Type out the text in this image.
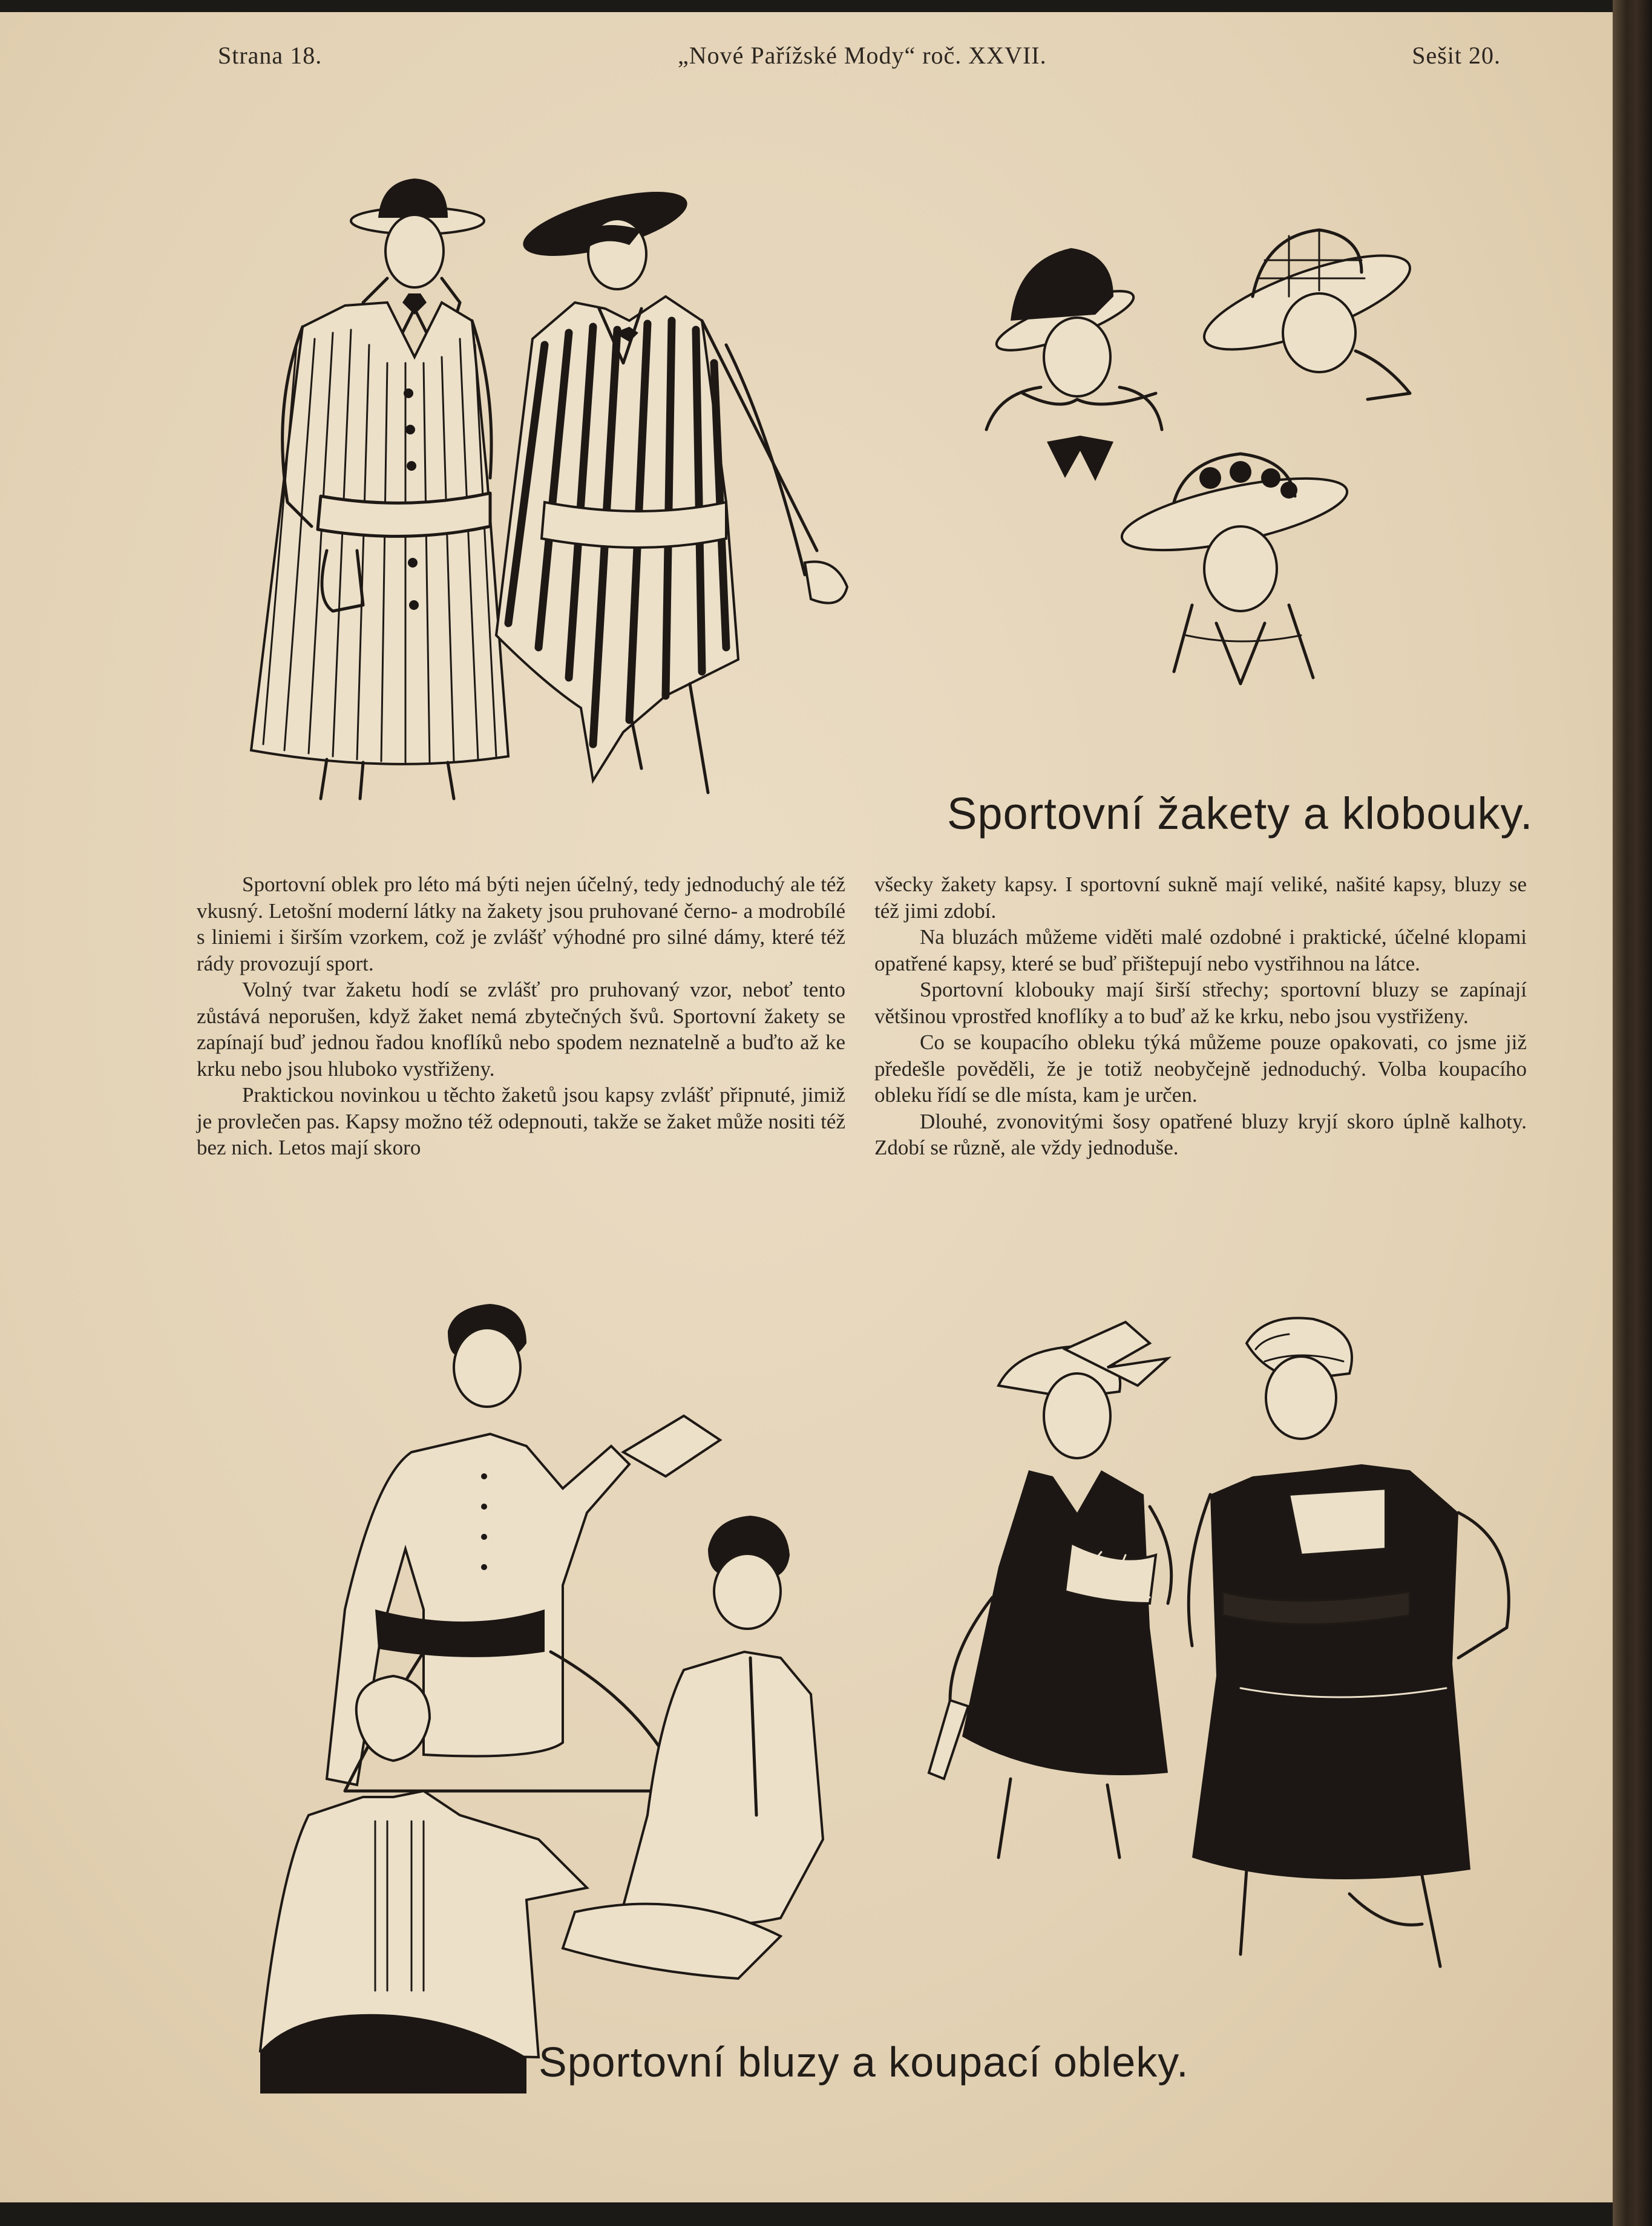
Strana 18.	„Nové Pařížské Mody“ roč. XXVII.	Sešit 20.
Sportovní žakety a klobouky.

Sportovní oblek pro léto má býti nejen účelný, tedy jednoduchý ale též vkusný. Letošní moderní látky na žakety jsou pruhované černo- a modrobílé s liniemi i širším vzorkem, což je zvlášť výhodné pro silné dámy, které též rády provozují sport.

Volný tvar žaketu hodí se zvlášť pro pruhovaný vzor, neboť tento zůstává neporušen, když žaket nemá zbytečných švů. Sportovní žakety se zapínají buď jednou řadou knoflíků nebo spodem neznatelně a buďto až ke krku nebo jsou hluboko vystřiženy.

Praktickou novinkou u těchto žaketů jsou kapsy zvlášť připnuté, jimiž je provlečen pas. Kapsy možno též odepnouti, takže se žaket může nositi též bez nich. Letos mají skoro

všecky žakety kapsy. I sportovní sukně mají veliké, našité kapsy, bluzy se též jimi zdobí.

Na bluzách můžeme viděti malé ozdobné i praktické, účelné klopami opatřené kapsy, které se buď přištepují nebo vystřihnou na látce.

Sportovní klobouky mají širší střechy; sportovní bluzy se zapínají většinou vprostřed knoflíky a to buď až ke krku, nebo jsou vystřiženy.

Co se koupacího obleku týká můžeme pouze opakovati, co jsme již předešle pověděli, že je totiž neobyčejně jednoduchý. Volba koupacího obleku řídí se dle místa, kam je určen.

Dlouhé, zvonovitými šosy opatřené bluzy kryjí skoro úplně kalhoty. Zdobí se různě, ale vždy jednoduše.

Sportovní bluzy a koupací obleky.
